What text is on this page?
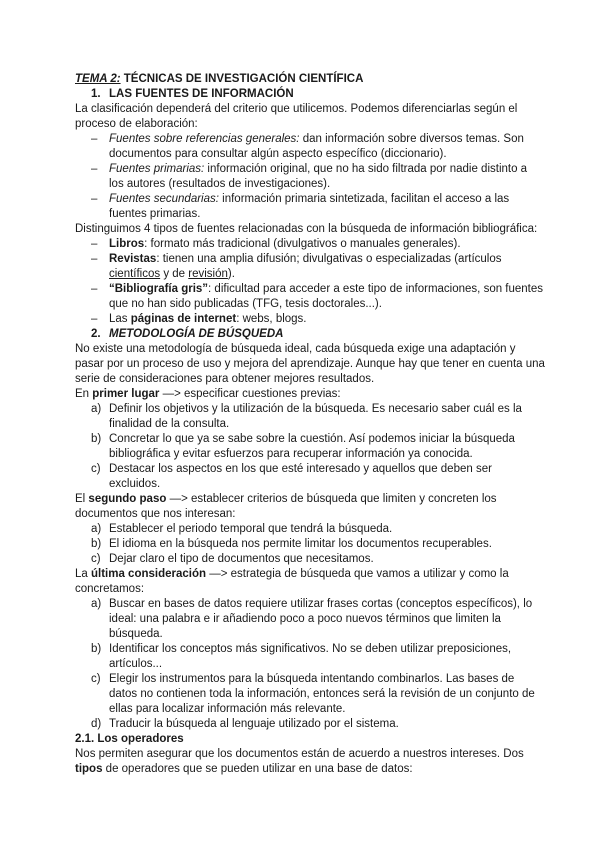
TEMA 2: TÉCNICAS DE INVESTIGACIÓN CIENTÍFICA
1. LAS FUENTES DE INFORMACIÓN
La clasificación dependerá del criterio que utilicemos. Podemos diferenciarlas según el
proceso de elaboración:
– Fuentes sobre referencias generales: dan información sobre diversos temas. Son
documentos para consultar algún aspecto específico (diccionario).
– Fuentes primarias: información original, que no ha sido filtrada por nadie distinto a
los autores (resultados de investigaciones).
– Fuentes secundarias: información primaria sintetizada, facilitan el acceso a las
fuentes primarias.
Distinguimos 4 tipos de fuentes relacionadas con la búsqueda de información bibliográfica:
– Libros: formato más tradicional (divulgativos o manuales generales).
– Revistas: tienen una amplia difusión; divulgativas o especializadas (artículos
científicos y de revisión).
– “Bibliografía gris”: dificultad para acceder a este tipo de informaciones, son fuentes
que no han sido publicadas (TFG, tesis doctorales...).
– Las páginas de internet: webs, blogs.
2. METODOLOGÍA DE BÚSQUEDA
No existe una metodología de búsqueda ideal, cada búsqueda exige una adaptación y
pasar por un proceso de uso y mejora del aprendizaje. Aunque hay que tener en cuenta una
serie de consideraciones para obtener mejores resultados.
En primer lugar —> especificar cuestiones previas:
a) Definir los objetivos y la utilización de la búsqueda. Es necesario saber cuál es la
finalidad de la consulta.
b) Concretar lo que ya se sabe sobre la cuestión. Así podemos iniciar la búsqueda
bibliográfica y evitar esfuerzos para recuperar información ya conocida.
c) Destacar los aspectos en los que esté interesado y aquellos que deben ser
excluidos.
El segundo paso —> establecer criterios de búsqueda que limiten y concreten los
documentos que nos interesan:
a) Establecer el periodo temporal que tendrá la búsqueda.
b) El idioma en la búsqueda nos permite limitar los documentos recuperables.
c) Dejar claro el tipo de documentos que necesitamos.
La última consideración —> estrategia de búsqueda que vamos a utilizar y como la
concretamos:
a) Buscar en bases de datos requiere utilizar frases cortas (conceptos específicos), lo
ideal: una palabra e ir añadiendo poco a poco nuevos términos que limiten la
búsqueda.
b) Identificar los conceptos más significativos. No se deben utilizar preposiciones,
artículos...
c) Elegir los instrumentos para la búsqueda intentando combinarlos. Las bases de
datos no contienen toda la información, entonces será la revisión de un conjunto de
ellas para localizar información más relevante.
d) Traducir la búsqueda al lenguaje utilizado por el sistema.
2.1. Los operadores
Nos permiten asegurar que los documentos están de acuerdo a nuestros intereses. Dos
tipos de operadores que se pueden utilizar en una base de datos:
